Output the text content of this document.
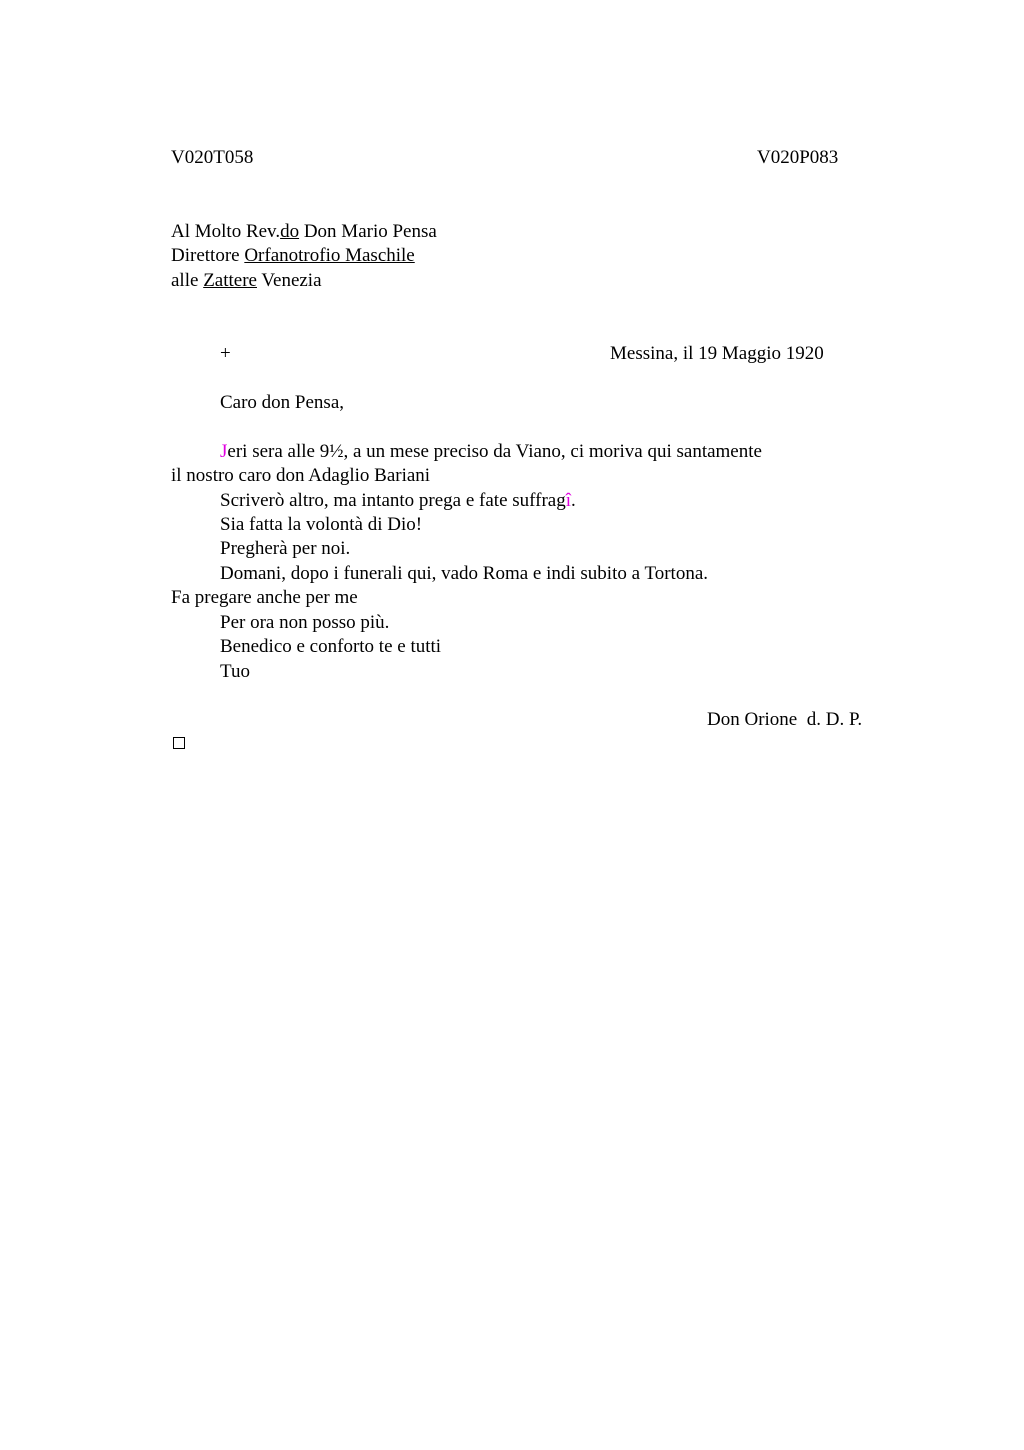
V020T058	V020P083
Al Molto Rev.do Don Mario Pensa
Direttore Orfanotrofio Maschile
alle Zattere Venezia
+	Messina, il 19 Maggio 1920
Caro don Pensa,
Jeri sera alle 9½, a un mese preciso da Viano, ci moriva qui santamente
il nostro caro don Adaglio Bariani
Scriverò altro, ma intanto prega e fate suffragî.
Sia fatta la volontà di Dio!
Pregherà per noi.
Domani, dopo i funerali qui, vado Roma e indi subito a Tortona.
Fa pregare anche per me
Per ora non posso più.
Benedico e conforto te e tutti
Tuo
Don Orione  d. D. P.
